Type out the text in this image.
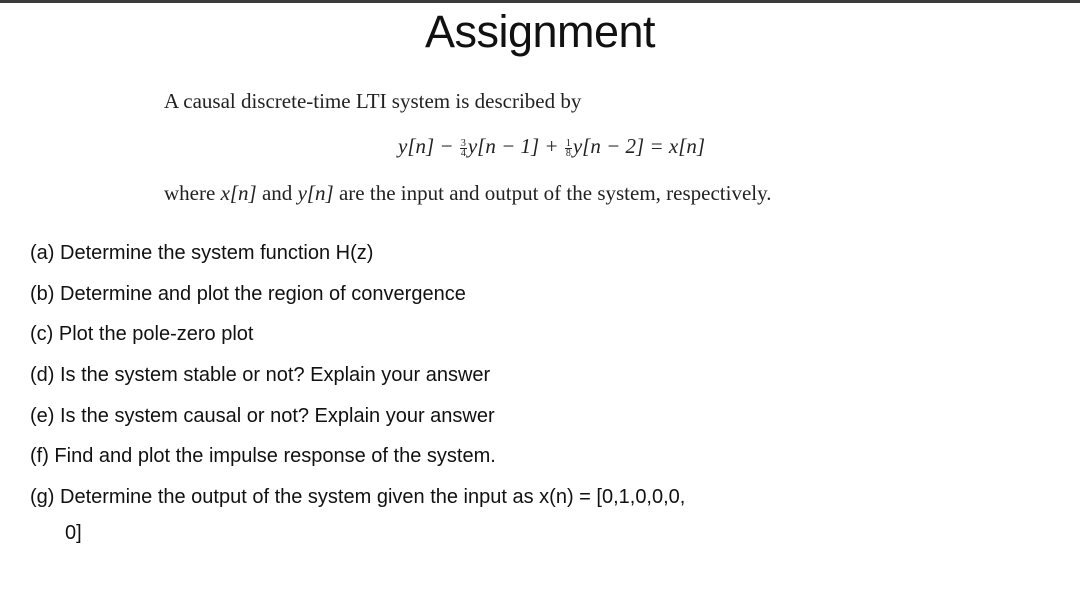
Assignment
A causal discrete-time LTI system is described by
$y[n] - \frac{3}{4} y[n - 1] + \frac{1}{8} y[n - 2] = x[n]$
where x[n] and y[n] are the input and output of the system, respectively.
(a) Determine the system function H(z)
(b) Determine and plot the region of convergence
(c) Plot the pole-zero plot
(d) Is the system stable or not? Explain your answer
(e) Is the system causal or not? Explain your answer
(f) Find and plot the impulse response of the system.
(g) Determine the output of the system given the input as x(n) = [0,1,0,0,0,
0]
